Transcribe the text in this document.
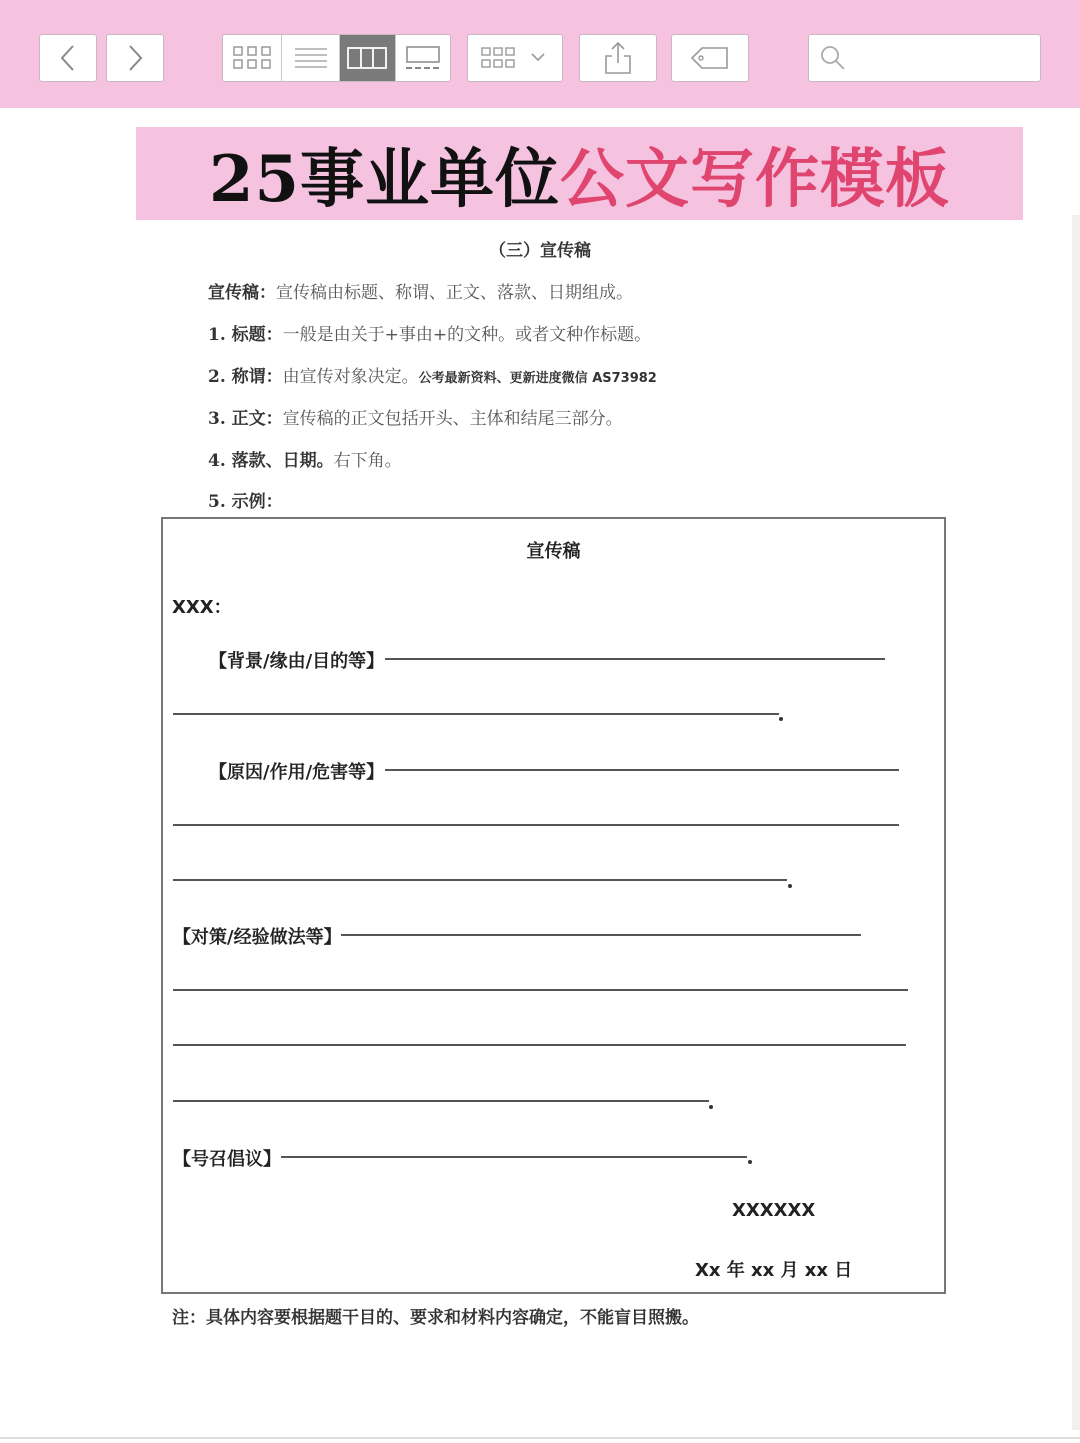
25事业单位公文写作模板
（三）宣传稿
宣传稿：宣传稿由标题、称谓、正文、落款、日期组成。
1. 标题：一般是由关于+事由+的文种。或者文种作标题。
2. 称谓：由宣传对象决定。公考最新资料、更新进度微信 AS73982
3. 正文：宣传稿的正文包括开头、主体和结尾三部分。
4. 落款、日期。右下角。
5. 示例：
宣传稿
XXX：
【背景/缘由/目的等】
【原因/作用/危害等】
【对策/经验做法等】
【号召倡议】
XXXXXX
Xx 年 xx 月 xx 日
注：具体内容要根据题干目的、要求和材料内容确定，不能盲目照搬。
